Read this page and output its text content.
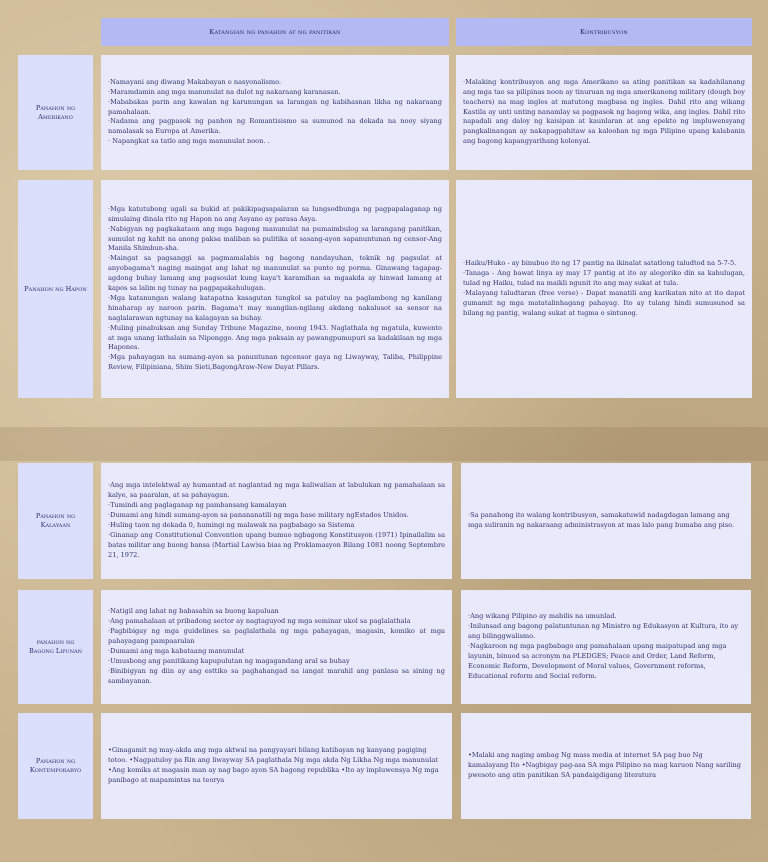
Katangian ng panahon at ng panitikan	Kontribusyon
Panahon ng Amerikano

·Namayani ang diwang Makabayan o nasyonalismo.

·Maramdamin ang mga manunulat na dulot ng nakaraang karanasan.

·Mababakas parin ang kawalan ng karunungan sa larangan ng kabihasnan likha ng nakaraang pamahalaan.

·Nadama ang pagpasok ng panhon ng Romantisismo sa sumunod na dekada na nooy siyang namalasak sa Europa at Amerika.

· Napangkat sa tatlo ang mga manunulat noon. .

·Malaking kontribusyon ang mga Amerikano sa ating panitikan sa kadahilanang ang mga tao sa pilipinas noon ay tinuruan ng mga amerikanong military (dough boy teachers) na mag ingles at matutong magbasa ng ingles. Dahil rito ang wikang Kastila ay unti unting nanamlay sa pagpasok ng bagong wika, ang ingles. Dahil rito napadali ang daloy ng kaisipan at kaunlaran at ang epekto ng impluwensyang pangkalinangan ay nakapagpahitaw sa kalooban ng mga Pilipino upang kalabanin ang bagong kapangyarihang kolonyal.

Panahon ng Hapon

·Mga katutubong ugali sa bukid at pakikipagsapalaran sa lungsodbunga ng pagpapalaganap ng simulaing dinala rito ng Hapon na ang Asyano ay parasa Asya.

·Nabigyan ng pagkakataon ang mga bagong manunulat na pumaimbulog sa larangang panitikan, sumulat ng kahit na anong paksa maliban sa pulitika at sasang-ayon sapanuntunan ng censor-Ang Manila Shimbun-sha.

·Maingat sa pagsanggi sa pagmamalabis ng bagong nandayuhan, teknik ng pagsulat at anyobagama't naging maingat ang lahat ng manunulat sa punto ng porma. Ginawang tagapag-agdong buhay lamang ang pagsoulat kung kaya't karamihan sa mgaakda ay hinwad lamang at kapos sa lalim ng tunay na pagpapakahulugan.

·Mga katanungan walang katapatna kasagutan tungkol sa patuloy na paglambong ng kanilang hinaharap ay naroon parin. Bagama't may mangilan-ngilang akdang nakalusot sa sensor na naglalarawan ngtunay na kalagayan sa buhay.

·Muling pinabuksan ang Sunday Tribune Magazine, noong 1943. Naglathala ng mgatula, kuwento at mga unang lathalain sa Niponggo. Ang mga paksain ay pawangpumupuri sa kadakilaan ng mga Hapones.

·Mga pahayagan na sumang-ayon sa panuntunan ngcensor gaya ng Liwayway, Taliba, Philippine Review, Filipiniana, Shim Sieti,BagongAraw-New Dayat Pillars.

·Haiku/Huko - ay binubuo ito ng 17 pantig na ikinalat satatlong taludtod na 5-7-5.

·Tanaga - Ang bawat linya ay may 17 pantig at ito ay alegoriko din sa kahulugan, tulad ng Haiku, tulad na maikli ngunit ito ang may sukat at tula.

·Malayang taludtaran (free verse) - Dapat manatili ang karikatan nito at ito dapat gumamit ng mga matatalinhagang pahayag. Ito ay tulang hindi sumusunod sa bilang ng pantig, walang sukat at tugma o sintunog.

Panahon ng Kalayaan

·Ang mga intelektwal ay humantad at naglantad ng mga kaliwalian at labulukan ng pamahalaan sa kalye, sa paaralan, at sa pahayagan.

·Tumindi ang paglaganap ng pambansang kamalayan

·Dumami ang hindi sumang-ayon sa panananatili ng mga base military ngEstados Unidos.

·Huling taon ng dekada 0, humingi ng malawak na pagbabago sa Sistema

·Ginanap ang Constitutional Convention upang bumuo ngbagong Konstitusyon (1971) Ipinailalim sa batas militar ang buong bansa (Martial Law)sa bias ng Proklamasyon Bilang 1081 noong Septembre 21, 1972.

·Sa panahong ito walang kontribusyon, samakatuwid nadagdagan lamang ang mga suliranin ng nakaraang administrasyon at mas lalo pang bumaba ang piso.

panahon ng Bagong Lipunan

·Natigil ang lahat ng babasahin sa buong kapuluan

·Ang pamahalaan at pribadong sector ay nagtaguyod ng mga seminar ukol sa paglalathala

·Pagbibigay ng mga guidelines sa paglalathala ng mga pahayagan, magasin, komiko at mga pahayagang pampaaralan

·Dumami ang mga kabataang manunulat

·Umusbong ang panitikang kapupulutan ng magagandang aral sa buhay

·Binibigyan ng diin ay ang esttiko sa paghahangad na iangat marahil ang panlasa sa sining ng sambayanan.

·Ang wikang Pilipino ay mabilis na umunlad.

·Inilunsad ang bagong palatuntunan ng Ministro ng Edukasyon at Kultura, ito ay ang bilinggwalismo.

·Nagkaroon ng mga pagbabago ang pamahalaan upang maipatupad ang mga layunin, binuod sa acronym na PLEDGES; Peace and Order, Land Reform, Economic Reform, Development of Moral values, Government reforms, Educational reform and Social reform.

Panahon ng Kontemporaryo

•Ginagamit ng may-akda ang mga aktwal na pangyayari bilang katibayan ng kanyang pagiging totoo. •Nagpatuloy pa Rin ang liwayway SA paglathala Ng mga akda Ng Likha Ng mga manunulat •Ang komiks at magasin man ay nag bago ayon SA bagong republika •Ito ay impluwensya Ng mga panibago at mapamintas na teorya

•Malaki ang naging ambag Ng mass media at internet SA pag buo Ng kamalayang Ito •Nagbigay pag-asa SA mga Pilipino na mag karuon Nang sariling pwesoto ang atin panitikan SA pandaigdigang literatura
